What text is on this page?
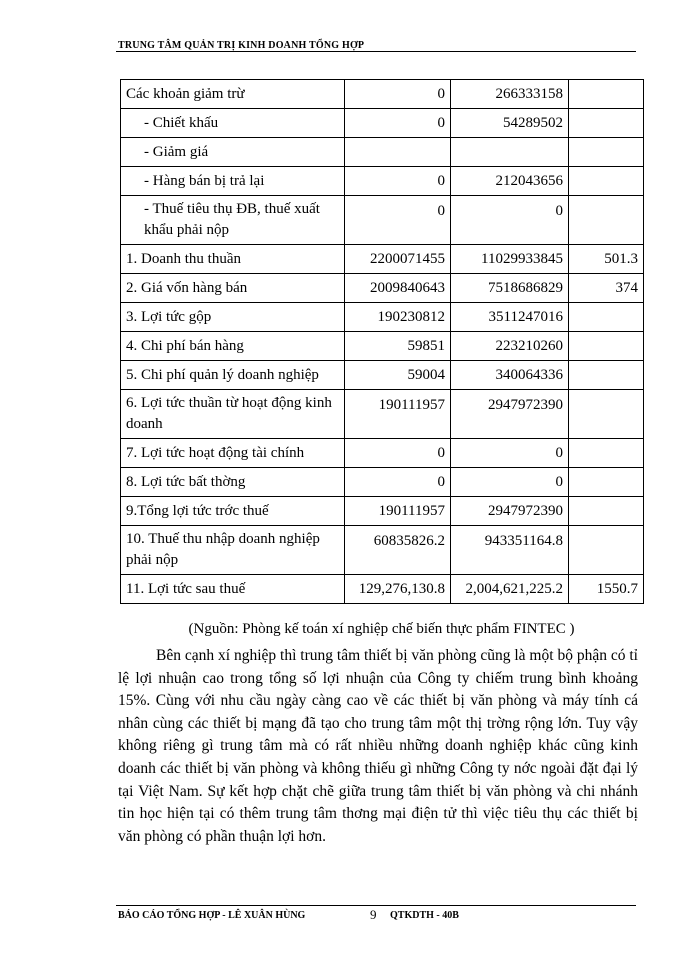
TRUNG TÂM QUẢN TRỊ KINH DOANH TỔNG HỢP
Các khoản giảm trừ	0	266333158	
- Chiết khấu	0	54289502	
- Giảm giá			
- Hàng bán bị trả lại	0	212043656	
- Thuế tiêu thụ ĐB, thuế xuất khẩu phải nộp	0	0	
1. Doanh thu thuần	2200071455	11029933845	501.3
2. Giá vốn hàng bán	2009840643	7518686829	374
3. Lợi tức gộp	190230812	3511247016	
4. Chi phí bán hàng	59851	223210260	
5. Chi phí quản lý doanh nghiệp	59004	340064336	
6. Lợi tức thuần từ hoạt động kinh doanh	190111957	2947972390	
7. Lợi tức hoạt động tài chính	0	0	
8. Lợi tức bất thờng	0	0	
9.Tổng lợi tức trớc thuế	190111957	2947972390	
10. Thuế thu nhập doanh nghiệp phải nộp	60835826.2	943351164.8	
11. Lợi tức sau thuế	129,276,130.8	2,004,621,225.2	1550.7
(Nguồn: Phòng kế toán xí nghiệp chế biến thực phẩm FINTEC )

Bên cạnh xí nghiệp thì trung tâm thiết bị văn phòng cũng là một bộ phận có tỉ lệ lợi nhuận cao trong tổng số lợi nhuận của Công ty chiếm trung bình khoảng 15%. Cùng với nhu cầu ngày càng cao về các thiết bị văn phòng và máy tính cá nhân cùng các thiết bị mạng đã tạo cho trung tâm một thị trờng rộng lớn. Tuy vậy không riêng gì trung tâm mà có rất nhiều những doanh nghiệp khác cũng kinh doanh các thiết bị văn phòng và không thiếu gì những Công ty nớc ngoài đặt đại lý tại Việt Nam. Sự kết hợp chặt chẽ giữa trung tâm thiết bị văn phòng và chi nhánh tin học hiện tại có thêm trung tâm thơng mại điện tử thì việc tiêu thụ các thiết bị văn phòng có phần thuận lợi hơn.

BÁO CÁO TỔNG HỢP - LÊ XUÂN HÙNG	9 QTKDTH - 40B
